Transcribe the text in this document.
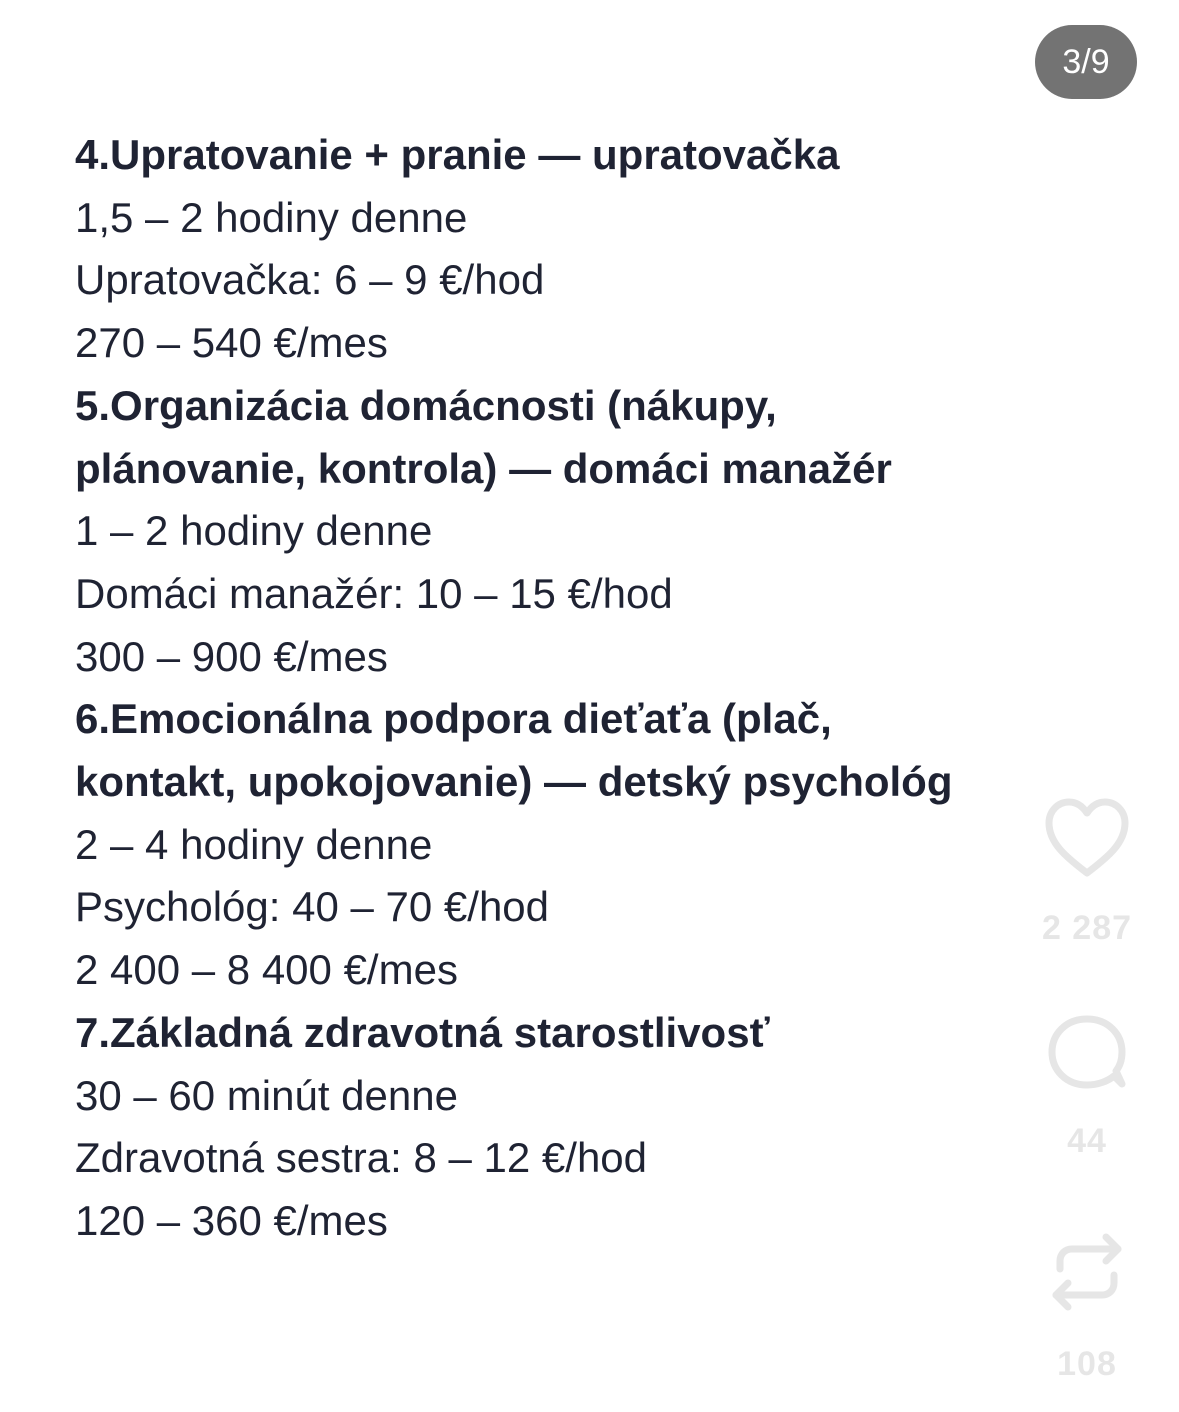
3/9
4.Upratovanie + pranie — upratovačka
1,5 – 2 hodiny denne
Upratovačka: 6 – 9 €/hod
270 – 540 €/mes
5.Organizácia domácnosti (nákupy,
plánovanie, kontrola) — domáci manažér
1 – 2 hodiny denne
Domáci manažér: 10 – 15 €/hod
300 – 900 €/mes
6.Emocionálna podpora dieťaťa (plač,
kontakt, upokojovanie) — detský psychológ
2 – 4 hodiny denne
Psychológ: 40 – 70 €/hod
2 400 – 8 400 €/mes
7.Základná zdravotná starostlivosť
30 – 60 minút denne
Zdravotná sestra: 8 – 12 €/hod
120 – 360 €/mes
2 287
44
108
